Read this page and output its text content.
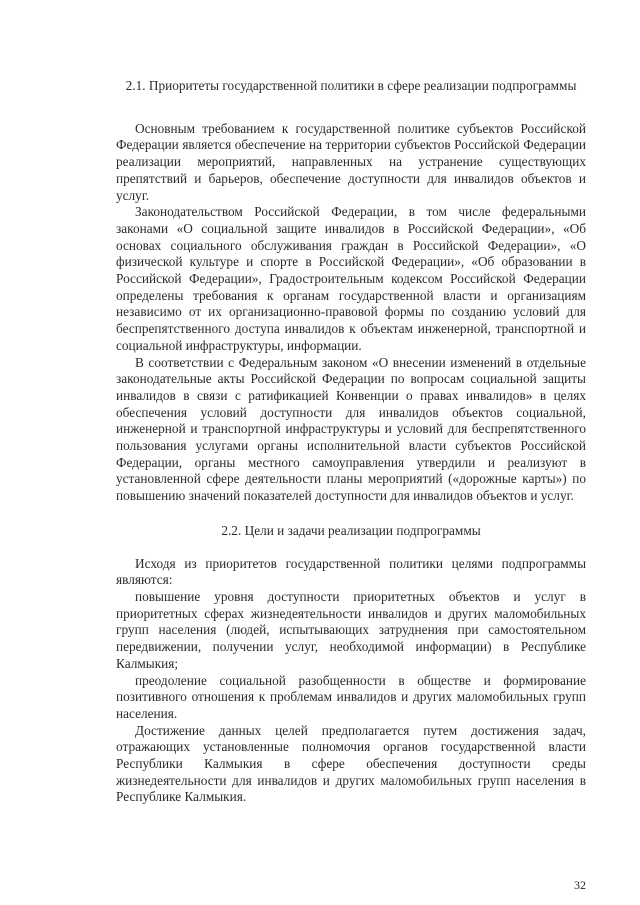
2.1. Приоритеты государственной политики в сфере реализации подпрограммы

Основным требованием к государственной политике субъектов Российской Федерации является обеспечение на территории субъектов Российской Федерации реализации мероприятий, направленных на устранение существующих препятствий и барьеров, обеспечение доступности для инвалидов объектов и услуг.

Законодательством Российской Федерации, в том числе федеральными законами «О социальной защите инвалидов в Российской Федерации», «Об основах социального обслуживания граждан в Российской Федерации», «О физической культуре и спорте в Российской Федерации», «Об образовании в Российской Федерации», Градостроительным кодексом Российской Федерации определены требования к органам государственной власти и организациям независимо от их организационно-правовой формы по созданию условий для беспрепятственного доступа инвалидов к объектам инженерной, транспортной и социальной инфраструктуры, информации.

В соответствии с Федеральным законом «О внесении изменений в отдельные законодательные акты Российской Федерации по вопросам социальной защиты инвалидов в связи с ратификацией Конвенции о правах инвалидов» в целях обеспечения условий доступности для инвалидов объектов социальной, инженерной и транспортной инфраструктуры и условий для беспрепятственного пользования услугами органы исполнительной власти субъектов Российской Федерации, органы местного самоуправления утвердили и реализуют в установленной сфере деятельности планы мероприятий («дорожные карты») по повышению значений показателей доступности для инвалидов объектов и услуг.

2.2. Цели и задачи реализации подпрограммы

Исходя из приоритетов государственной политики целями подпрограммы являются:

повышение уровня доступности приоритетных объектов и услуг в приоритетных сферах жизнедеятельности инвалидов и других маломобильных групп населения (людей, испытывающих затруднения при самостоятельном передвижении, получении услуг, необходимой информации) в Республике Калмыкия;

преодоление социальной разобщенности в обществе и формирование позитивного отношения к проблемам инвалидов и других маломобильных групп населения.

Достижение данных целей предполагается путем достижения задач, отражающих установленные полномочия органов государственной власти Республики Калмыкия в сфере обеспечения доступности среды жизнедеятельности для инвалидов и других маломобильных групп населения в Республике Калмыкия.

32
